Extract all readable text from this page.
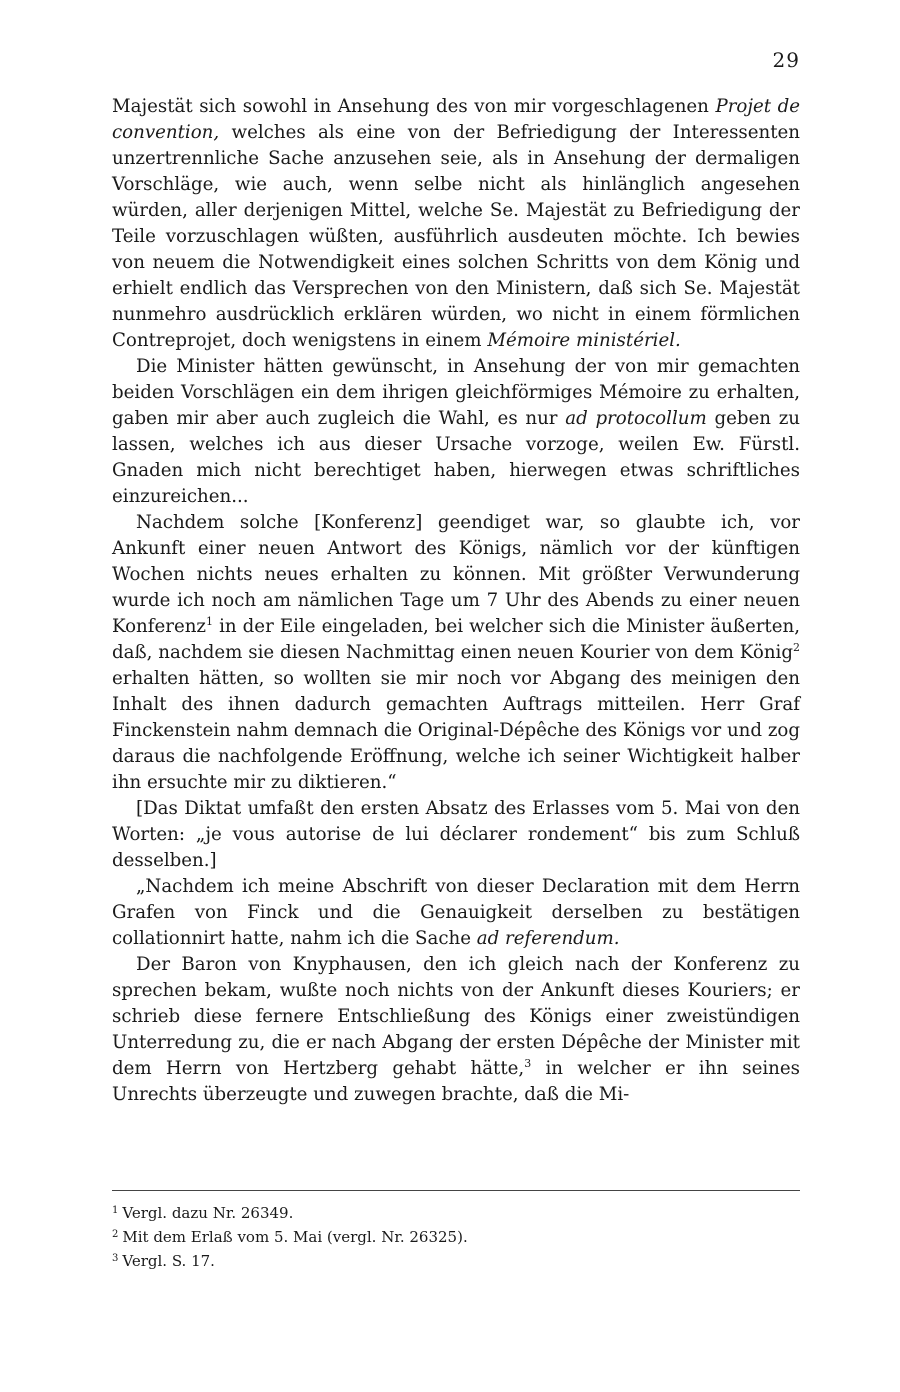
29

Majestät sich sowohl in Ansehung des von mir vorgeschlagenen Projet de convention, welches als eine von der Befriedigung der Interessenten unzertrennliche Sache anzusehen seie, als in Ansehung der dermaligen Vorschläge, wie auch, wenn selbe nicht als hinlänglich angesehen würden, aller derjenigen Mittel, welche Se. Majestät zu Befriedigung der Teile vorzuschlagen wüßten, ausführlich ausdeuten möchte. Ich bewies von neuem die Notwendigkeit eines solchen Schritts von dem König und erhielt endlich das Versprechen von den Ministern, daß sich Se. Majestät nunmehro ausdrücklich erklären würden, wo nicht in einem förmlichen Contreprojet, doch wenigstens in einem Mémoire ministériel.

Die Minister hätten gewünscht, in Ansehung der von mir gemachten beiden Vorschlägen ein dem ihrigen gleichförmiges Mémoire zu erhalten, gaben mir aber auch zugleich die Wahl, es nur ad protocollum geben zu lassen, welches ich aus dieser Ursache vorzoge, weilen Ew. Fürstl. Gnaden mich nicht berechtiget haben, hierwegen etwas schriftliches einzureichen...

Nachdem solche [Konferenz] geendiget war, so glaubte ich, vor Ankunft einer neuen Antwort des Königs, nämlich vor der künftigen Wochen nichts neues erhalten zu können. Mit größter Verwunderung wurde ich noch am nämlichen Tage um 7 Uhr des Abends zu einer neuen Konferenz$^1$ in der Eile eingeladen, bei welcher sich die Minister äußerten, daß, nachdem sie diesen Nachmittag einen neuen Kourier von dem König$^2$ erhalten hätten, so wollten sie mir noch vor Abgang des meinigen den Inhalt des ihnen dadurch gemachten Auftrags mitteilen. Herr Graf Finckenstein nahm demnach die Original-Dépêche des Königs vor und zog daraus die nachfolgende Eröffnung, welche ich seiner Wichtigkeit halber ihn ersuchte mir zu diktieren.“

[Das Diktat umfaßt den ersten Absatz des Erlasses vom 5. Mai von den Worten: „je vous autorise de lui déclarer rondement“ bis zum Schluß desselben.]

„Nachdem ich meine Abschrift von dieser Declaration mit dem Herrn Grafen von Finck und die Genauigkeit derselben zu bestätigen collationnirt hatte, nahm ich die Sache ad referendum.

Der Baron von Knyphausen, den ich gleich nach der Konferenz zu sprechen bekam, wußte noch nichts von der Ankunft dieses Kouriers; er schrieb diese fernere Entschließung des Königs einer zweistündigen Unterredung zu, die er nach Abgang der ersten Dépêche der Minister mit dem Herrn von Hertzberg gehabt hätte,$^3$ in welcher er ihn seines Unrechts überzeugte und zuwegen brachte, daß die Mi-

$^1$ Vergl. dazu Nr. 26349.
$^2$ Mit dem Erlaß vom 5. Mai (vergl. Nr. 26325).
$^3$ Vergl. S. 17.
